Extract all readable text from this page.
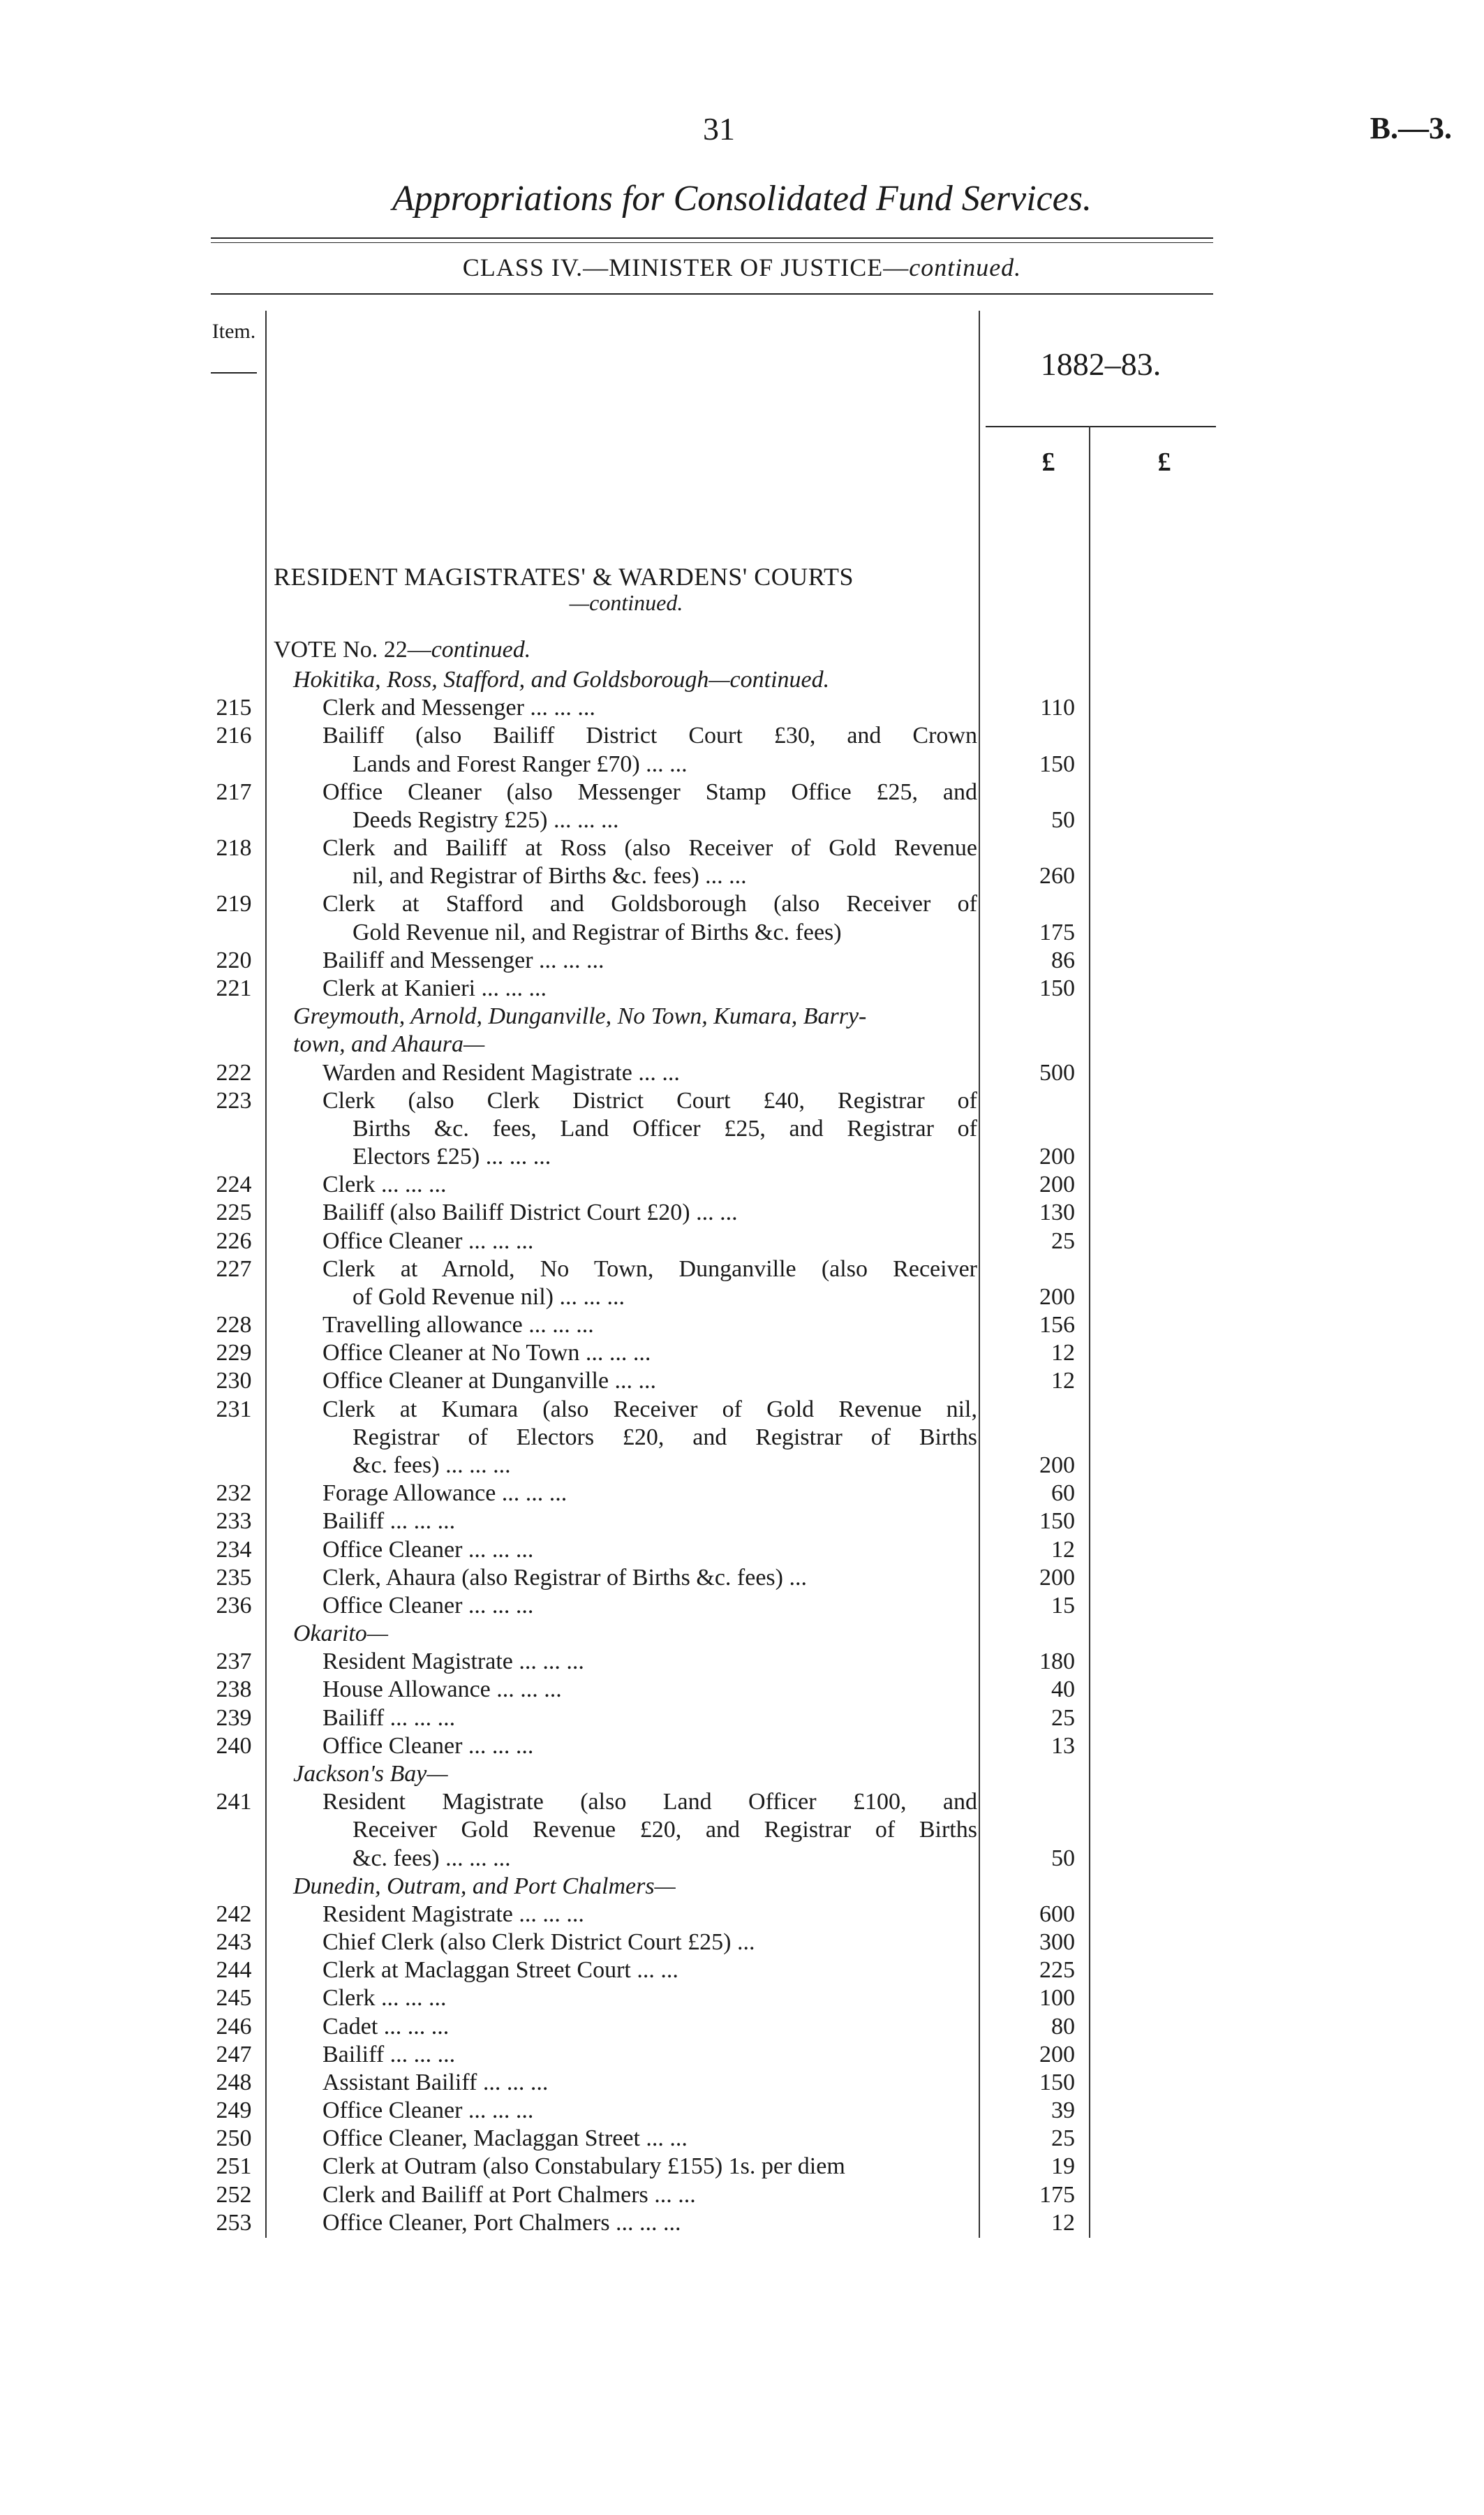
31	B.—3.
Appropriations for Consolidated Fund Services.
CLASS IV.—MINISTER OF JUSTICE—continued.
Item.
1882–83.
£	£
RESIDENT MAGISTRATES' & WARDENS' COURTS
—continued.
VOTE No. 22—continued.
Hokitika, Ross, Stafford, and Goldsborough—continued.
215	Clerk and Messenger ... ... ...	110
216	Bailiff (also Bailiff District Court £30, and Crown
Lands and Forest Ranger £70) ... ...	150
217	Office Cleaner (also Messenger Stamp Office £25, and
Deeds Registry £25) ... ... ...	50
218	Clerk and Bailiff at Ross (also Receiver of Gold Revenue
nil, and Registrar of Births &c. fees) ... ...	260
219	Clerk at Stafford and Goldsborough (also Receiver of
Gold Revenue nil, and Registrar of Births &c. fees)	175
220	Bailiff and Messenger ... ... ...	86
221	Clerk at Kanieri ... ... ...	150
Greymouth, Arnold, Dunganville, No Town, Kumara, Barry-
town, and Ahaura—
222	Warden and Resident Magistrate ... ...	500
223	Clerk (also Clerk District Court £40, Registrar of
Births &c. fees, Land Officer £25, and Registrar of
Electors £25) ... ... ...	200
224	Clerk ... ... ...	200
225	Bailiff (also Bailiff District Court £20) ... ...	130
226	Office Cleaner ... ... ...	25
227	Clerk at Arnold, No Town, Dunganville (also Receiver
of Gold Revenue nil) ... ... ...	200
228	Travelling allowance ... ... ...	156
229	Office Cleaner at No Town ... ... ...	12
230	Office Cleaner at Dunganville ... ...	12
231	Clerk at Kumara (also Receiver of Gold Revenue nil,
Registrar of Electors £20, and Registrar of Births
&c. fees) ... ... ...	200
232	Forage Allowance ... ... ...	60
233	Bailiff ... ... ...	150
234	Office Cleaner ... ... ...	12
235	Clerk, Ahaura (also Registrar of Births &c. fees) ...	200
236	Office Cleaner ... ... ...	15
Okarito—
237	Resident Magistrate ... ... ...	180
238	House Allowance ... ... ...	40
239	Bailiff ... ... ...	25
240	Office Cleaner ... ... ...	13
Jackson's Bay—
241	Resident Magistrate (also Land Officer £100, and
Receiver Gold Revenue £20, and Registrar of Births
&c. fees) ... ... ...	50
Dunedin, Outram, and Port Chalmers—
242	Resident Magistrate ... ... ...	600
243	Chief Clerk (also Clerk District Court £25) ...	300
244	Clerk at Maclaggan Street Court ... ...	225
245	Clerk ... ... ...	100
246	Cadet ... ... ...	80
247	Bailiff ... ... ...	200
248	Assistant Bailiff ... ... ...	150
249	Office Cleaner ... ... ...	39
250	Office Cleaner, Maclaggan Street ... ...	25
251	Clerk at Outram (also Constabulary £155) 1s. per diem	19
252	Clerk and Bailiff at Port Chalmers ... ...	175
253	Office Cleaner, Port Chalmers ... ... ...	12
